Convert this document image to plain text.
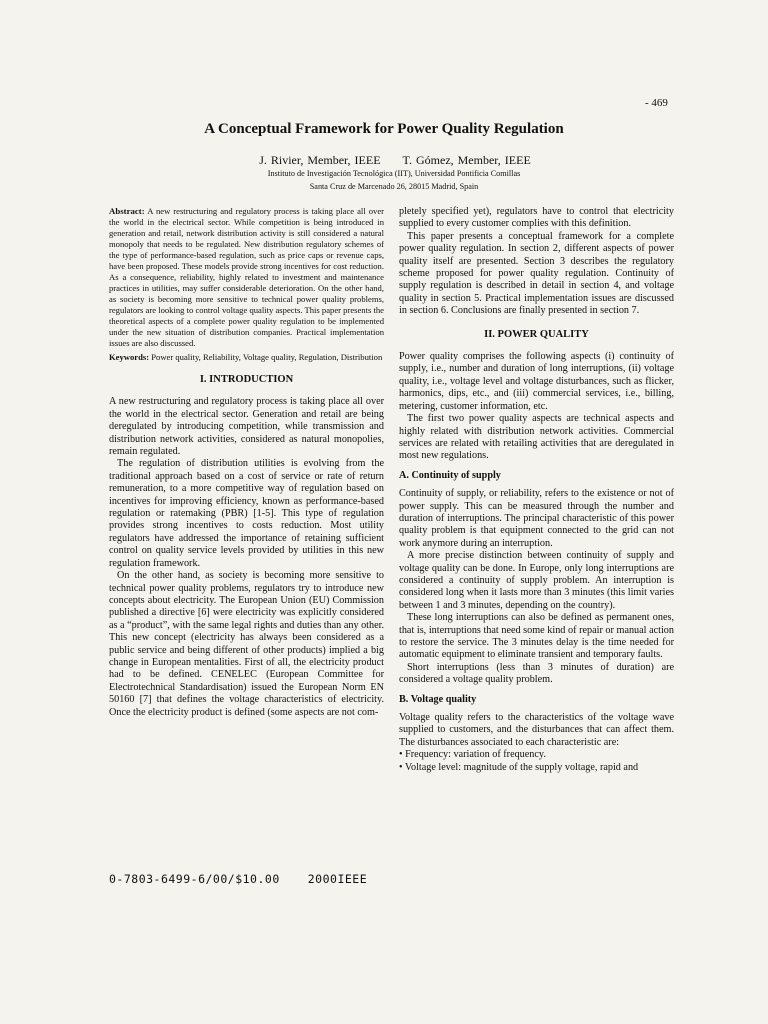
- 469
A Conceptual Framework for Power Quality Regulation
J. Rivier, Member, IEEE T. Gómez, Member, IEEE
Instituto de Investigación Tecnológica (IIT), Universidad Pontificia Comillas
Santa Cruz de Marcenado 26, 28015 Madrid, Spain

Abstract: A new restructuring and regulatory process is taking place all over the world in the electrical sector. While competition is being introduced in generation and retail, network distribution activity is still considered a natural monopoly that needs to be regulated. New distribution regulatory schemes of the type of performance-based regulation, such as price caps or revenue caps, have been proposed. These models provide strong incentives for cost reduction. As a consequence, reliability, highly related to investment and maintenance practices in utilities, may suffer considerable deterioration. On the other hand, as society is becoming more sensitive to technical power quality problems, regulators are looking to control voltage quality aspects. This paper presents the theoretical aspects of a complete power quality regulation to be implemented under the new situation of distribution companies. Practical implementation issues are also discussed.

Keywords: Power quality, Reliability, Voltage quality, Regulation, Distribution

I. INTRODUCTION

A new restructuring and regulatory process is taking place all over the world in the electrical sector. Generation and retail are being deregulated by introducing competition, while transmission and distribution network activities, considered as natural monopolies, remain regulated.

The regulation of distribution utilities is evolving from the traditional approach based on a cost of service or rate of return remuneration, to a more competitive way of regulation based on incentives for improving efficiency, known as performance-based regulation or ratemaking (PBR) [1-5]. This type of regulation provides strong incentives to costs reduction. Most utility regulators have addressed the importance of retaining sufficient control on quality service levels provided by utilities in this new regulation framework.

On the other hand, as society is becoming more sensitive to technical power quality problems, regulators try to introduce new concepts about electricity. The European Union (EU) Commission published a directive [6] were electricity was explicitly considered as a “product”, with the same legal rights and duties than any other. This new concept (electricity has always been considered as a public service and being different of other products) implied a big change in European mentalities. First of all, the electricity product had to be defined. CENELEC (European Committee for Electrotechnical Standardisation) issued the European Norm EN 50160 [7] that defines the voltage characteristics of electricity. Once the electricity product is defined (some aspects are not com-

pletely specified yet), regulators have to control that electricity supplied to every customer complies with this definition.

This paper presents a conceptual framework for a complete power quality regulation. In section 2, different aspects of power quality itself are presented. Section 3 describes the regulatory scheme proposed for power quality regulation. Continuity of supply regulation is described in detail in section 4, and voltage quality in section 5. Practical implementation issues are discussed in section 6. Conclusions are finally presented in section 7.

II. POWER QUALITY

Power quality comprises the following aspects (i) continuity of supply, i.e., number and duration of long interruptions, (ii) voltage quality, i.e., voltage level and voltage disturbances, such as flicker, harmonics, dips, etc., and (iii) commercial services, i.e., billing, metering, customer information, etc.

The first two power quality aspects are technical aspects and highly related with distribution network activities. Commercial services are related with retailing activities that are deregulated in most new regulations.

A. Continuity of supply

Continuity of supply, or reliability, refers to the existence or not of power supply. This can be measured through the number and duration of interruptions. The principal characteristic of this power quality problem is that equipment connected to the grid can not work anymore during an interruption.

A more precise distinction between continuity of supply and voltage quality can be done. In Europe, only long interruptions are considered a continuity of supply problem. An interruption is considered long when it lasts more than 3 minutes (this limit varies between 1 and 3 minutes, depending on the country).

These long interruptions can also be defined as permanent ones, that is, interruptions that need some kind of repair or manual action to restore the service. The 3 minutes delay is the time needed for automatic equipment to eliminate transient and temporary faults.

Short interruptions (less than 3 minutes of duration) are considered a voltage quality problem.

B. Voltage quality

Voltage quality refers to the characteristics of the voltage wave supplied to customers, and the disturbances that can affect them. The disturbances associated to each characteristic are:

• Frequency: variation of frequency.

• Voltage level: magnitude of the supply voltage, rapid and

0-7803-6499-6/00/$10.00 2000IEEE
